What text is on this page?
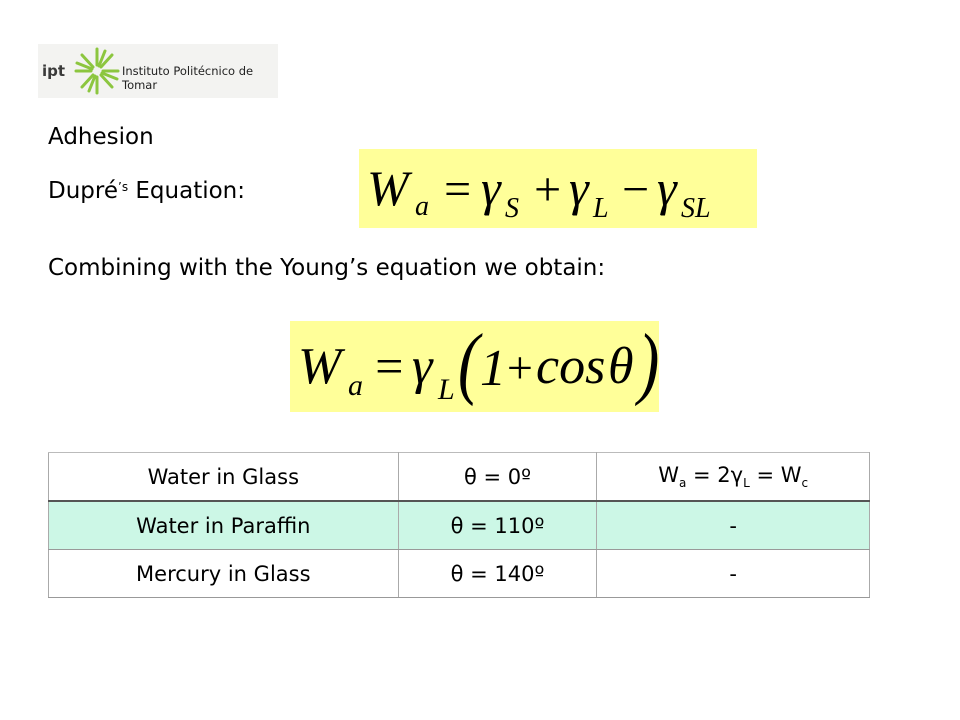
ipt	Instituto Politécnico de Tomar
Adhesion
Dupré$^{’s}$ Equation: W a = γ S + γ L − γ SL
Combining with the Young’s equation we obtain:
W a = γ L ( 1
+ cos θ )
Water in Glass	θ = 0º	$W_a = 2\gamma_L = W_c$
Water in Paraffin	θ = 110º	-
Mercury in Glass	θ = 140º	-
